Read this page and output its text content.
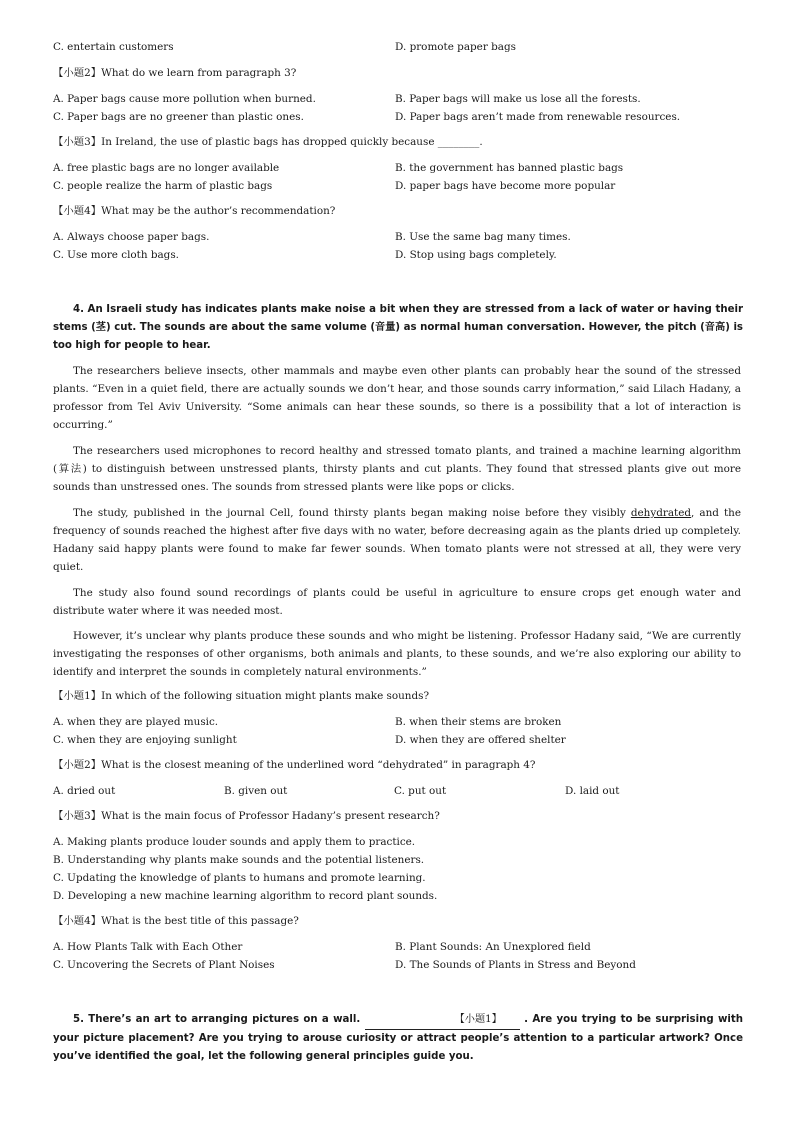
C. entertain customers	D. promote paper bags
【小题2】What do we learn from paragraph 3?
A. Paper bags cause more pollution when burned.	B. Paper bags will make us lose all the forests.
C. Paper bags are no greener than plastic ones.	D. Paper bags aren’t made from renewable resources.
【小题3】In Ireland, the use of plastic bags has dropped quickly because ________.
A. free plastic bags are no longer available	B. the government has banned plastic bags
C. people realize the harm of plastic bags	D. paper bags have become more popular
【小题4】What may be the author’s recommendation?
A. Always choose paper bags.	B. Use the same bag many times.
C. Use more cloth bags.	D. Stop using bags completely.
4. An Israeli study has indicates plants make noise a bit when they are stressed from a lack of water or having their stems (茎) cut. The sounds are about the same volume (音量) as normal human conversation. However, the pitch (音高) is too high for people to hear.
The researchers believe insects, other mammals and maybe even other plants can probably hear the sound of the stressed plants. “Even in a quiet field, there are actually sounds we don’t hear, and those sounds carry information,” said Lilach Hadany, a professor from Tel Aviv University. “Some animals can hear these sounds, so there is a possibility that a lot of interaction is occurring.”
The researchers used microphones to record healthy and stressed tomato plants, and trained a machine learning algorithm (算法) to distinguish between unstressed plants, thirsty plants and cut plants. They found that stressed plants give out more sounds than unstressed ones. The sounds from stressed plants were like pops or clicks.
The study, published in the journal Cell, found thirsty plants began making noise before they visibly dehydrated, and the frequency of sounds reached the highest after five days with no water, before decreasing again as the plants dried up completely. Hadany said happy plants were found to make far fewer sounds. When tomato plants were not stressed at all, they were very quiet.
The study also found sound recordings of plants could be useful in agriculture to ensure crops get enough water and distribute water where it was needed most.
However, it’s unclear why plants produce these sounds and who might be listening. Professor Hadany said, “We are currently investigating the responses of other organisms, both animals and plants, to these sounds, and we’re also exploring our ability to identify and interpret the sounds in completely natural environments.”
【小题1】In which of the following situation might plants make sounds?
A. when they are played music.	B. when their stems are broken
C. when they are enjoying sunlight	D. when they are offered shelter
【小题2】What is the closest meaning of the underlined word “dehydrated” in paragraph 4?
A. dried out	B. given out	C. put out	D. laid out
【小题3】What is the main focus of Professor Hadany’s present research?
A. Making plants produce louder sounds and apply them to practice.
B. Understanding why plants make sounds and the potential listeners.
C. Updating the knowledge of plants to humans and promote learning.
D. Developing a new machine learning algorithm to record plant sounds.
【小题4】What is the best title of this passage?
A. How Plants Talk with Each Other	B. Plant Sounds: An Unexplored field
C. Uncovering the Secrets of Plant Noises	D. The Sounds of Plants in Stress and Beyond
5. There’s an art to arranging pictures on a wall.	【小题1】 . Are you trying to be surprising with your picture placement? Are you trying to arouse curiosity or attract people’s attention to a particular artwork? Once you’ve identified the goal, let the following general principles guide you.
